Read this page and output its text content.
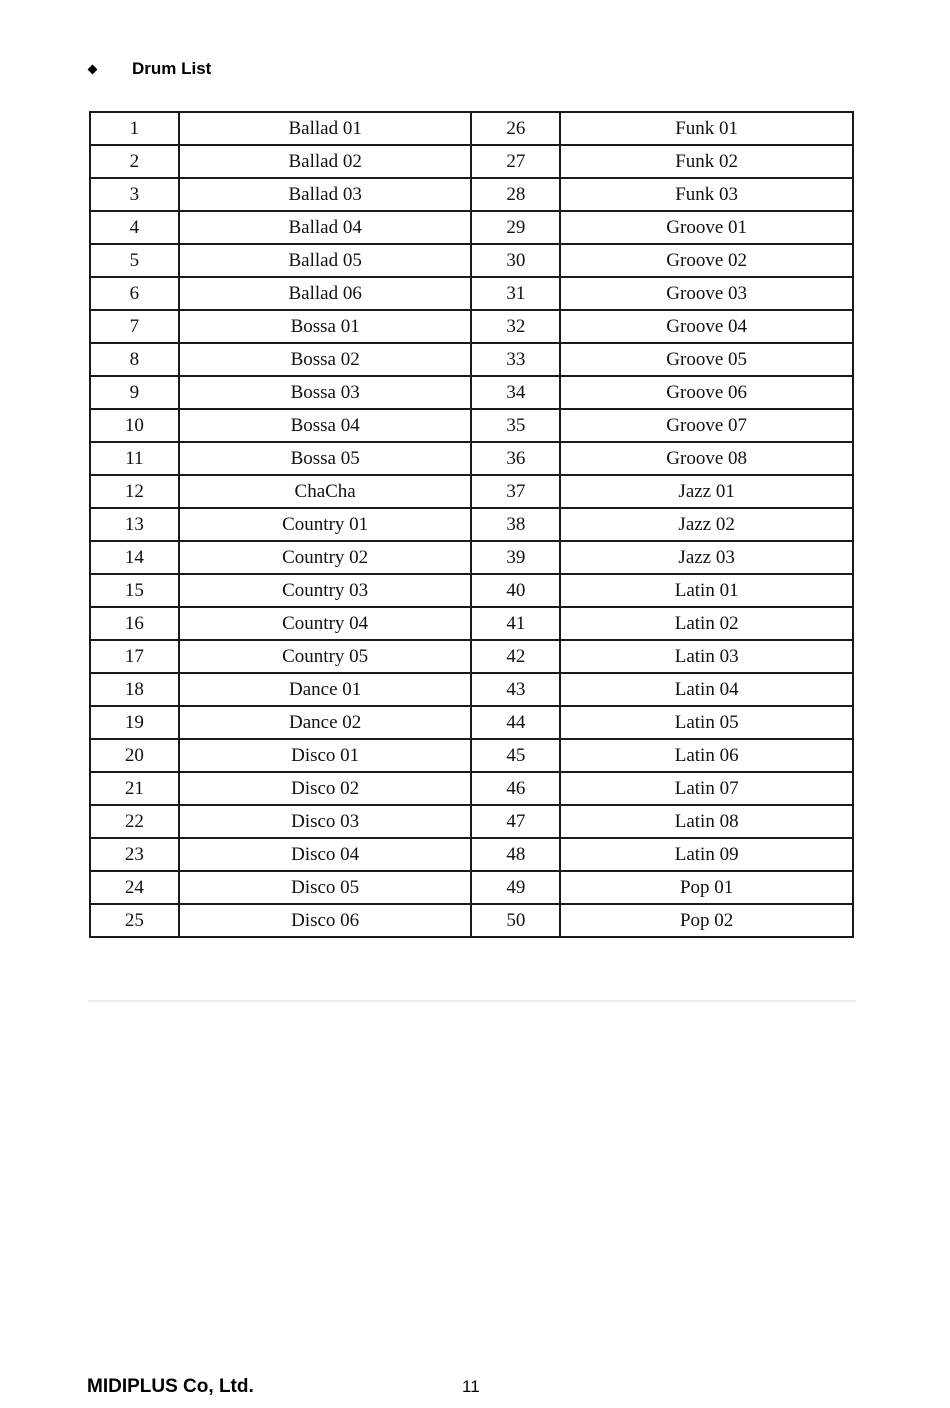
Drum List
1	Ballad 01	26	Funk 01
2	Ballad 02	27	Funk 02
3	Ballad 03	28	Funk 03
4	Ballad 04	29	Groove 01
5	Ballad 05	30	Groove 02
6	Ballad 06	31	Groove 03
7	Bossa 01	32	Groove 04
8	Bossa 02	33	Groove 05
9	Bossa 03	34	Groove 06
10	Bossa 04	35	Groove 07
11	Bossa 05	36	Groove 08
12	ChaCha	37	Jazz 01
13	Country 01	38	Jazz 02
14	Country 02	39	Jazz 03
15	Country 03	40	Latin 01
16	Country 04	41	Latin 02
17	Country 05	42	Latin 03
18	Dance 01	43	Latin 04
19	Dance 02	44	Latin 05
20	Disco 01	45	Latin 06
21	Disco 02	46	Latin 07
22	Disco 03	47	Latin 08
23	Disco 04	48	Latin 09
24	Disco 05	49	Pop 01
25	Disco 06	50	Pop 02
MIDIPLUS Co, Ltd.	11
